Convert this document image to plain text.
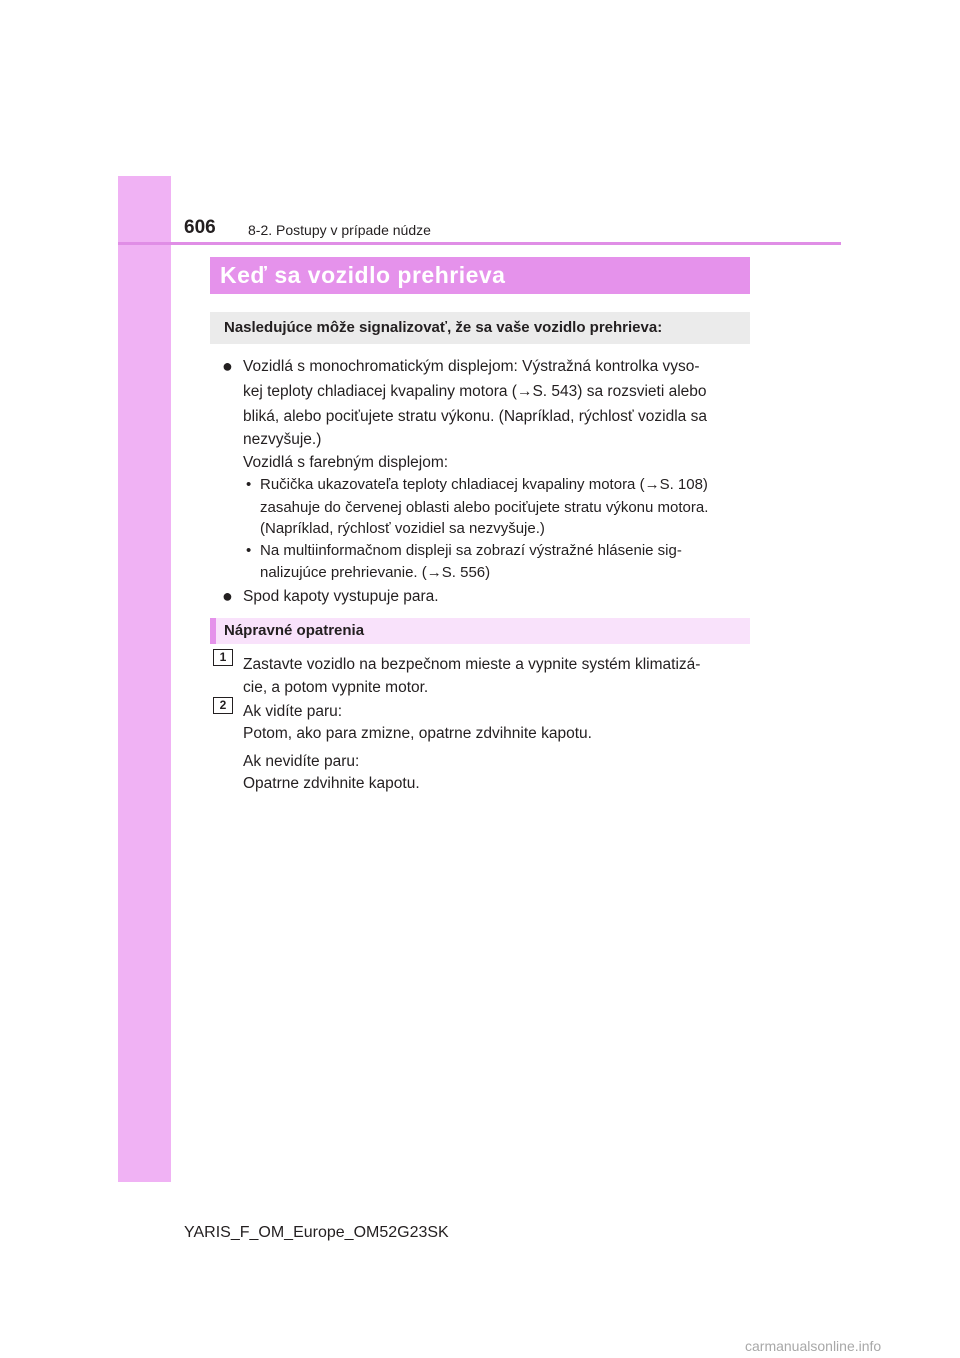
606 8-2. Postupy v prípade núdze
Keď sa vozidlo prehrieva
Nasledujúce môže signalizovať, že sa vaše vozidlo prehrieva:
● Vozidlá s monochromatickým displejom: Výstražná kontrolka vyso-
kej teploty chladiacej kvapaliny motora (→S. 543) sa rozsvieti alebo
bliká, alebo pociťujete stratu výkonu. (Napríklad, rýchlosť vozidla sa
nezvyšuje.)
Vozidlá s farebným displejom:
• Ručička ukazovateľa teploty chladiacej kvapaliny motora (→S. 108)
zasahuje do červenej oblasti alebo pociťujete stratu výkonu motora.
(Napríklad, rýchlosť vozidiel sa nezvyšuje.)
• Na multiinformačnom displeji sa zobrazí výstražné hlásenie sig-
nalizujúce prehrievanie. (→S. 556)
● Spod kapoty vystupuje para.
Nápravné opatrenia
1	Zastavte vozidlo na bezpečnom mieste a vypnite systém klimatizá-
cie, a potom vypnite motor.
2	Ak vidíte paru:
Potom, ako para zmizne, opatrne zdvihnite kapotu.
Ak nevidíte paru:
Opatrne zdvihnite kapotu.
YARIS_F_OM_Europe_OM52G23SK
carmanualsonline.info
